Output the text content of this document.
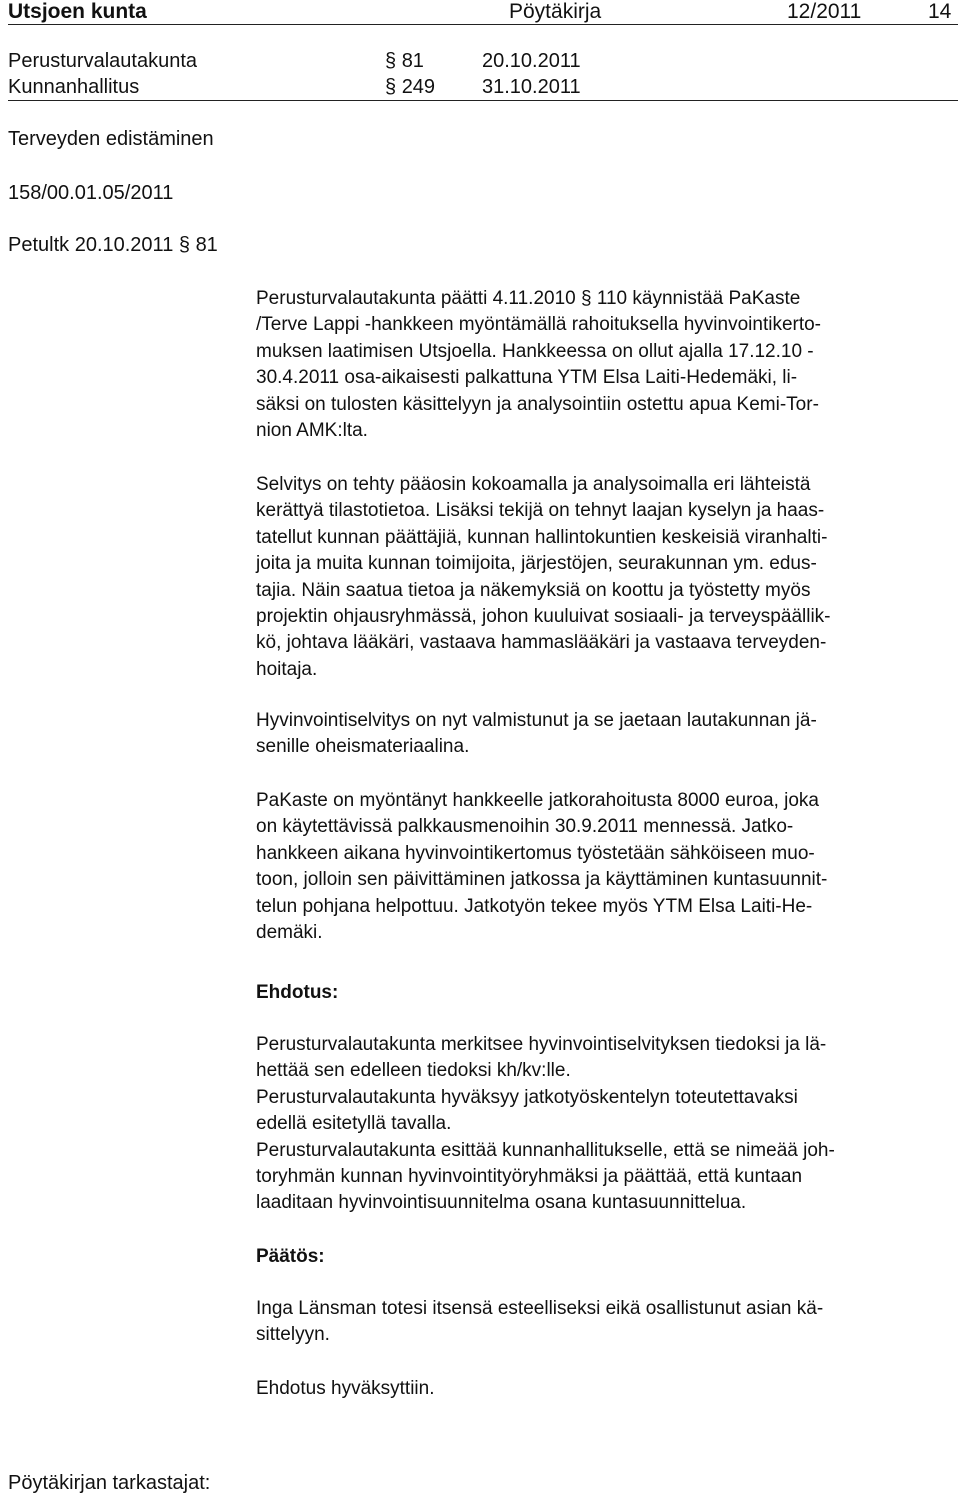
Utsjoen kunta	Pöytäkirja	12/2011	14
Perusturvalautakunta	§ 81	20.10.2011
Kunnanhallitus	§ 249 31.10.2011
Terveyden edistäminen
158/00.01.05/2011
Petultk 20.10.2011 § 81
Perusturvalautakunta päätti 4.11.2010 § 110 käynnistää PaKaste
/Terve Lappi -hankkeen myöntämällä rahoituksella hyvinvointikerto-
muksen laatimisen Utsjoella. Hankkeessa on ollut ajalla 17.12.10 -
30.4.2011 osa-aikaisesti palkattuna YTM Elsa Laiti-Hedemäki, li-
säksi on tulosten käsittelyyn ja analysointiin ostettu apua Kemi-Tor-
nion AMK:lta.
Selvitys on tehty pääosin kokoamalla ja analysoimalla eri lähteistä
kerättyä tilastotietoa. Lisäksi tekijä on tehnyt laajan kyselyn ja haas-
tatellut kunnan päättäjiä, kunnan hallintokuntien keskeisiä viranhalti-
joita ja muita kunnan toimijoita, järjestöjen, seurakunnan ym. edus-
tajia. Näin saatua tietoa ja näkemyksiä on koottu ja työstetty myös
projektin ohjausryhmässä, johon kuuluivat sosiaali- ja terveyspäällik-
kö, johtava lääkäri, vastaava hammaslääkäri ja vastaava terveyden-
hoitaja.
Hyvinvointiselvitys on nyt valmistunut ja se jaetaan lautakunnan jä-
senille oheismateriaalina.
PaKaste on myöntänyt hankkeelle jatkorahoitusta 8000 euroa, joka
on käytettävissä palkkausmenoihin 30.9.2011 mennessä. Jatko-
hankkeen aikana hyvinvointikertomus työstetään sähköiseen muo-
toon, jolloin sen päivittäminen jatkossa ja käyttäminen kuntasuunnit-
telun pohjana helpottuu. Jatkotyön tekee myös YTM Elsa Laiti-He-
demäki.
Ehdotus:
Perusturvalautakunta merkitsee hyvinvointiselvityksen tiedoksi ja lä-
hettää sen edelleen tiedoksi kh/kv:lle.
Perusturvalautakunta hyväksyy jatkotyöskentelyn toteutettavaksi
edellä esitetyllä tavalla.
Perusturvalautakunta esittää kunnanhallitukselle, että se nimeää joh-
toryhmän kunnan hyvinvointityöryhmäksi ja päättää, että kuntaan
laaditaan hyvinvointisuunnitelma osana kuntasuunnittelua.
Päätös:
Inga Länsman totesi itsensä esteelliseksi eikä osallistunut asian kä-
sittelyyn.
Ehdotus hyväksyttiin.
Pöytäkirjan tarkastajat:
